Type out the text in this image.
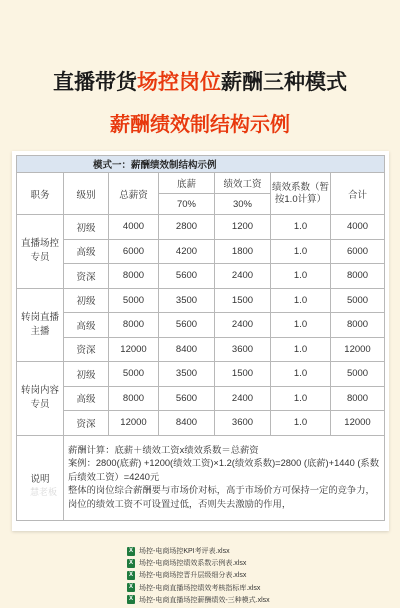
直播带货场控岗位薪酬三种模式
薪酬绩效制结构示例
模式一：薪酬绩效制结构示例						
职务	级别	总薪资	底薪	绩效工资	绩效系数（暂按1.0计算）	合计
			70%	30%		
直播场控专员	初级	4000	2800	1200	1.0	4000
	高级	6000	4200	1800	1.0	6000
	资深	8000	5600	2400	1.0	8000
转岗直播主播	初级	5000	3500	1500	1.0	5000
	高级	8000	5600	2400	1.0	8000
	资深	12000	8400	3600	1.0	12000
转岗内容专员	初级	5000	3500	1500	1.0	5000
	高级	8000	5600	2400	1.0	8000
	资深	12000	8400	3600	1.0	12000
说明	薪酬计算：底薪＋绩效工资x绩效系数＝总薪资
案例：2800(底薪) +1200(绩效工资)×1.2(绩效系数)=2800 (底薪)+1440 (系数后绩效工资）=4240元
整体的岗位综合薪酬要与市场价对标，高于市场价方可保持一定的竞争力，岗位的绩效工资不可设置过低，否则失去激励的作用，					
慧老板
X 场控-电商场控KPI考评表.xlsx
X 场控-电商场控绩效系数示例表.xlsx
X 场控-电商场控晋升层级细分表.xlsx
X 场控-电商直播场控绩效考核指标库.xlsx
X 场控-电商直播场控薪酬绩效-三种模式.xlsx
